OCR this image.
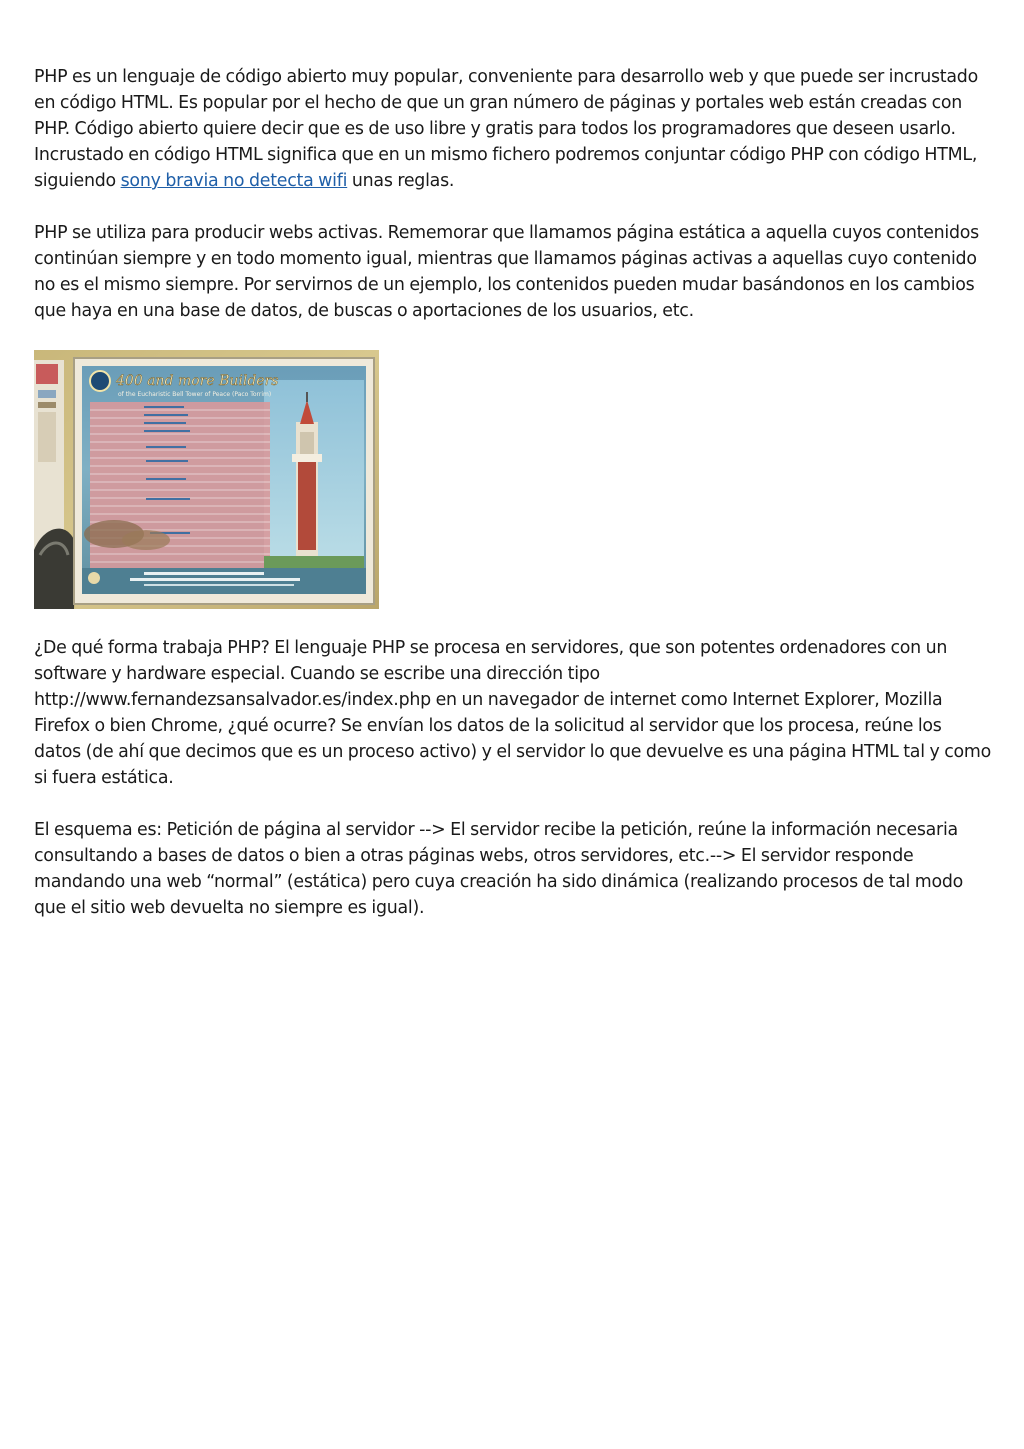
PHP es un lenguaje de código abierto muy popular, conveniente para desarrollo web y que puede ser incrustado en código HTML. Es popular por el hecho de que un gran número de páginas y portales web están creadas con PHP. Código abierto quiere decir que es de uso libre y gratis para todos los programadores que deseen usarlo. Incrustado en código HTML significa que en un mismo fichero podremos conjuntar código PHP con código HTML, siguiendo sony bravia no detecta wifi unas reglas.

PHP se utiliza para producir webs activas. Rememorar que llamamos página estática a aquella cuyos contenidos continúan siempre y en todo momento igual, mientras que llamamos páginas activas a aquellas cuyo contenido no es el mismo siempre. Por servirnos de un ejemplo, los contenidos pueden mudar basándonos en los cambios que haya en una base de datos, de buscas o aportaciones de los usuarios, etc.

400 and more Builders
of the Eucharistic Bell Tower of Peace (Paco Torrim)

¿De qué forma trabaja PHP? El lenguaje PHP se procesa en servidores, que son potentes ordenadores con un software y hardware especial. Cuando se escribe una dirección tipo http://www.fernandezsansalvador.es/index.php en un navegador de internet como Internet Explorer, Mozilla Firefox o bien Chrome, ¿qué ocurre? Se envían los datos de la solicitud al servidor que los procesa, reúne los datos (de ahí que decimos que es un proceso activo) y el servidor lo que devuelve es una página HTML tal y como si fuera estática.

El esquema es: Petición de página al servidor --> El servidor recibe la petición, reúne la información necesaria consultando a bases de datos o bien a otras páginas webs, otros servidores, etc.--> El servidor responde mandando una web “normal” (estática) pero cuya creación ha sido dinámica (realizando procesos de tal modo que el sitio web devuelta no siempre es igual).
